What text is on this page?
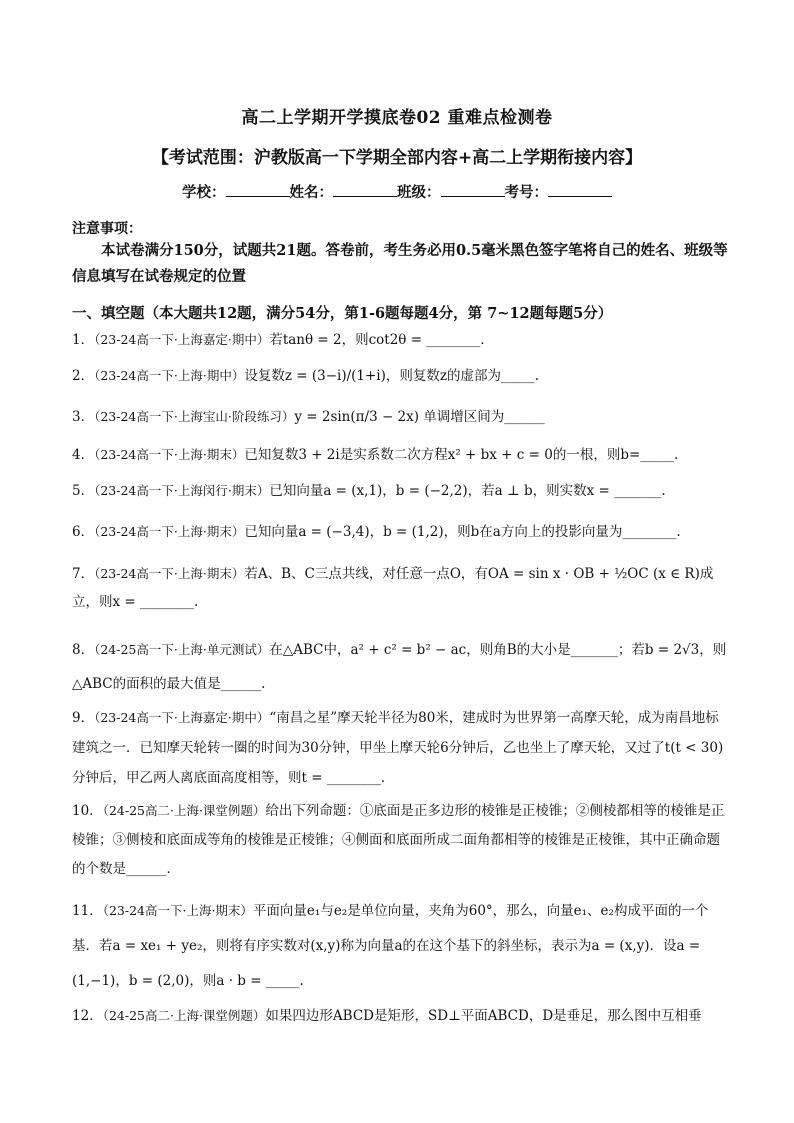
高二上学期开学摸底卷02 重难点检测卷
【考试范围：沪教版高一下学期全部内容+高二上学期衔接内容】
学校：	姓名：	班级：	考号：
注意事项：
本试卷满分150分，试题共21题。答卷前，考生务必用0.5毫米黑色签字笔将自己的姓名、班级等信息填写在试卷规定的位置
一、填空题（本大题共12题，满分54分，第1-6题每题4分，第 7~12题每题5分）
1．（23-24高一下·上海嘉定·期中）若tanθ = 2，则cot2θ = ________．
2．（23-24高一下·上海·期中）设复数z = (3−i)/(1+i)，则复数z的虚部为_____.
3．（23-24高一下·上海宝山·阶段练习）y = 2sin(π/3 − 2x) 单调增区间为______
4．（23-24高一下·上海·期末）已知复数3 + 2i是实系数二次方程x² + bx + c = 0的一根，则b=_____.
5．（23-24高一下·上海闵行·期末）已知向量a = (x,1)，b = (−2,2)，若a ⊥ b，则实数x = _______.
6．（23-24高一下·上海·期末）已知向量a = (−3,4)，b = (1,2)，则b在a方向上的投影向量为________.
7．（23-24高一下·上海·期末）若A、B、C三点共线，对任意一点O，有OA = sin x · OB + ½OC (x ∈ R)成立，则x = ________.
8．（24-25高一下·上海·单元测试）在△ABC中，a² + c² = b² − ac，则角B的大小是_______；若b = 2√3，则△ABC的面积的最大值是______.
9．（23-24高一下·上海嘉定·期中）“南昌之星”摩天轮半径为80米，建成时为世界第一高摩天轮，成为南昌地标建筑之一．已知摩天轮转一圈的时间为30分钟，甲坐上摩天轮6分钟后，乙也坐上了摩天轮，又过了t(t < 30)分钟后，甲乙两人离底面高度相等，则t = ________．
10．（24-25高二·上海·课堂例题）给出下列命题：①底面是正多边形的棱锥是正棱锥；②侧棱都相等的棱锥是正棱锥；③侧棱和底面成等角的棱锥是正棱锥；④侧面和底面所成二面角都相等的棱锥是正棱锥，其中正确命题的个数是______．
11．（23-24高一下·上海·期末）平面向量e₁与e₂是单位向量，夹角为60°，那么，向量e₁、e₂构成平面的一个基．若a = xe₁ + ye₂，则将有序实数对(x,y)称为向量a的在这个基下的斜坐标，表示为a = (x,y)．设a = (1,−1)，b = (2,0)，则a · b = _____.
12．（24-25高二·上海·课堂例题）如果四边形ABCD是矩形，SD⊥平面ABCD，D是垂足，那么图中互相垂
